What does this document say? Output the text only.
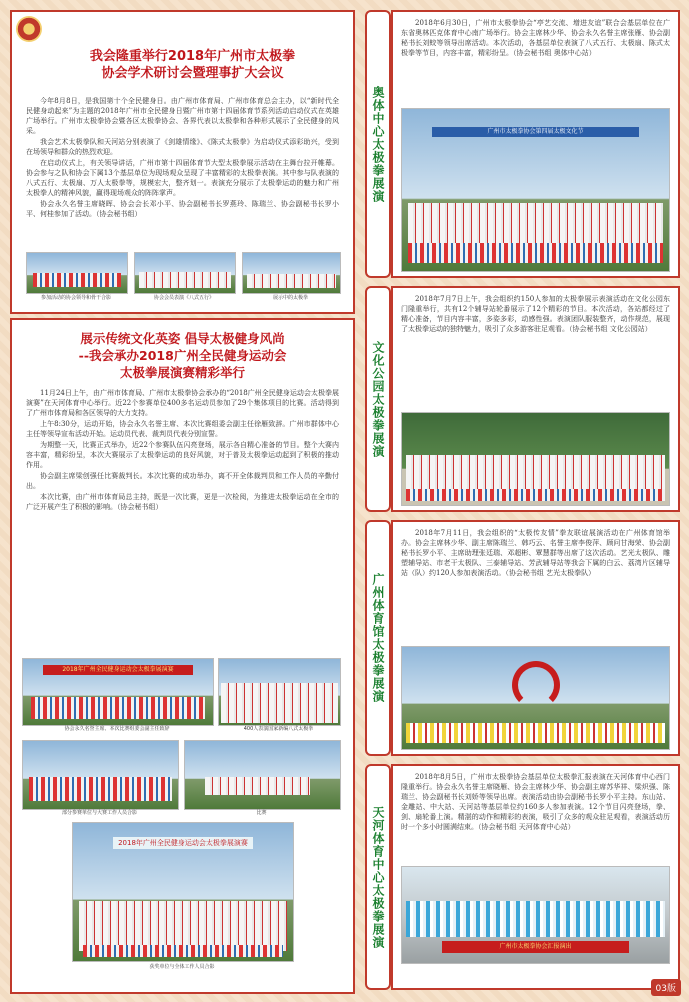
我会隆重举行2018年广州市太极拳
协会学术研讨会暨理事扩大会议

今年8月8日，是我国第十个全民健身日。由广州市体育局、广州市体育总会主办，以“新时代全民健身动起来”为主题的2018年广州市全民健身日暨广州市第十四届体育节系列活动启动仪式在英雄广场举行。广州市太极拳协会暨各区太极拳协会、各界代表以太极拳和各种形式展示了全民健身的风采。

我会艺术太极拳队和天河站分别表演了《剑雄情缘》、《陈式太极拳》为启动仪式添彩助兴，受到在场领导和群众的热烈欢迎。

在启动仪式上，有关领导讲话，广州市第十四届体育节大型太极拳展示活动在主舞台拉开帷幕。协会参与之队和协会下属13个基层单位为现场观众呈现了丰富精彩的太极拳表演。其中参与队表演的八式五行、太极扇、万人太极拳等，规模宏大，整齐划一。表演充分展示了太极拳运动的魅力和广州太极拳人的精神风貌，赢得现场观众的阵阵掌声。

协会永久名誉主席晓晖、协会会长邓小平、协会副秘书长罗燕玲、陈瑞兰、协会副秘书长罗小平、何桂参加了活动。（协会秘书组）

参加活动的协会领导和骨干合影	协会会员表演《八式五行》	展示中的太极拳
展示传统文化英姿 倡导太极健身风尚
--我会承办2018广州全民健身运动会
太极拳展演赛精彩举行

11月24日上午，由广州市体育局、广州市太极拳协会承办的“2018广州全民健身运动会太极拳展演赛”在天河体育中心举行。近22个参赛单位400多名运动员参加了29个集体项目的比赛。活动得到了广州市体育局和各区领导的大力支持。

上午8:30分，运动开始，协会永久名誉主席、本次比赛组委会副主任徐雁致辞。广州市群体中心主任等领导宣布活动开始。运动员代表、裁判员代表分别宣誓。

为期整一天，比赛正式举办，近22个参赛队伍闪亮登场，展示各自精心准备的节目。整个大赛内容丰富，精彩纷呈，本次大赛展示了太极拳运动的良好风貌，对于普及太极拳运动起到了积极的推动作用。

协会副主席梁创强任比赛裁判长。本次比赛的成功举办，离不开全体裁判员和工作人员的辛勤付出。

本次比赛，由广州市体育局总主持，既是一次比赛，更是一次检阅，为推进太极拳运动在全市的广泛开展产生了积极的影响。（协会秘书组）

2018年广州全民健身运动会太极拳展演赛
协会永久名誉主席、本次比赛组委会副主任致辞	400人表演国家新编八式太极拳
部分参赛单位与大赛工作人员合影	比赛
2018年广州全民健身运动会太极拳展演赛
获奖单位与全体工作人员合影
奥体中心太极拳展演

2018年6月30日，广州市太极拳协会“亭艺交流、增进友谊”联合会基层单位在广东省奥林匹克体育中心南广场举行。协会主席林少华、协会永久名誉主席张雁、协会副秘书长刘蛟等领导出席活动。本次活动，各基层单位表演了八式五行、太极扇、陈式太极拳等节目，内容丰富，精彩纷呈。（协会秘书组 奥体中心站）

广州市太极拳协会第四届太极文化节
文化公园太极拳展演

2018年7月7日上午，我会组织约150人参加的太极拳展示表演活动在文化公园东门隆重举行，共有12个辅导站轮番展示了12个精彩的节目。本次活动，各站都经过了精心准备，节目内容丰富，多姿多彩，动感性强。表演团队服装整齐，动作规范，展现了太极拳运动的独特魅力，吸引了众多游客驻足观看。（协会秘书组 文化公园站）

广州体育馆太极拳展演

2018年7月11日，我会组织的“太极传友情”拳友联谊展演活动在广州体育馆举办。协会主席林少华、副主席陈瑞兰、韩巧云、名誉主席李俊萍、顾问甘海荣、协会副秘书长罗小平、主席助理张廷瑞、邓超彬、覃慧群等出席了这次活动。艺光太极队、雕塑辅导站、市老干太极队、三泰辅导站、芳武辅导站等我会下属的白云、荔湾片区辅导站（队）约120人参加表演活动。（协会秘书组 艺光太极拳队）

天河体育中心太极拳展演

2018年8月5日，广州市太极拳协会基层单位太极拳汇报表演在天河体育中心西门隆重举行。协会永久名誉主席晓雁、协会主席林少华、协会副主席苏华祥、梁炽强、陈瑞兰、协会副秘书长刘娇等领导出席。表演活动由协会副秘书长罗小平主持。东山站、金雕站、中大站、天河站等基层单位约160多人参加表演。12个节目闪亮登场，拳、剑、扇轮番上演。精湛的动作和精彩的表演，吸引了众多的观众驻足观看，表演活动历时一个多小时圆满结束。（协会秘书组 天河体育中心站）

广州市太极拳协会汇报演出
03版
